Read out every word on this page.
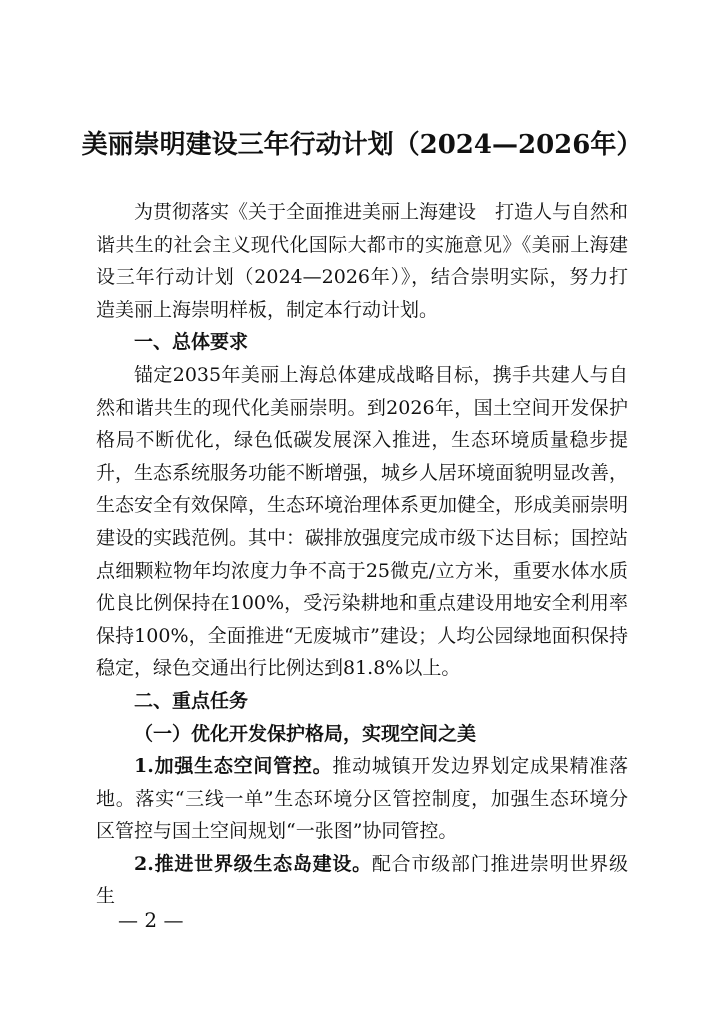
美丽崇明建设三年行动计划（2024—2026年）

为贯彻落实《关于全面推进美丽上海建设　打造人与自然和谐共生的社会主义现代化国际大都市的实施意见》《美丽上海建设三年行动计划（2024—2026年）》，结合崇明实际，努力打造美丽上海崇明样板，制定本行动计划。

一、总体要求

锚定2035年美丽上海总体建成战略目标，携手共建人与自然和谐共生的现代化美丽崇明。到2026年，国土空间开发保护格局不断优化，绿色低碳发展深入推进，生态环境质量稳步提升，生态系统服务功能不断增强，城乡人居环境面貌明显改善，生态安全有效保障，生态环境治理体系更加健全，形成美丽崇明建设的实践范例。其中：碳排放强度完成市级下达目标；国控站点细颗粒物年均浓度力争不高于25微克/立方米，重要水体水质优良比例保持在100%，受污染耕地和重点建设用地安全利用率保持100%，全面推进“无废城市”建设；人均公园绿地面积保持稳定，绿色交通出行比例达到81.8%以上。

二、重点任务

（一）优化开发保护格局，实现空间之美

1.加强生态空间管控。推动城镇开发边界划定成果精准落地。落实“三线一单”生态环境分区管控制度，加强生态环境分区管控与国土空间规划“一张图”协同管控。

2.推进世界级生态岛建设。配合市级部门推进崇明世界级生

— 2 —
